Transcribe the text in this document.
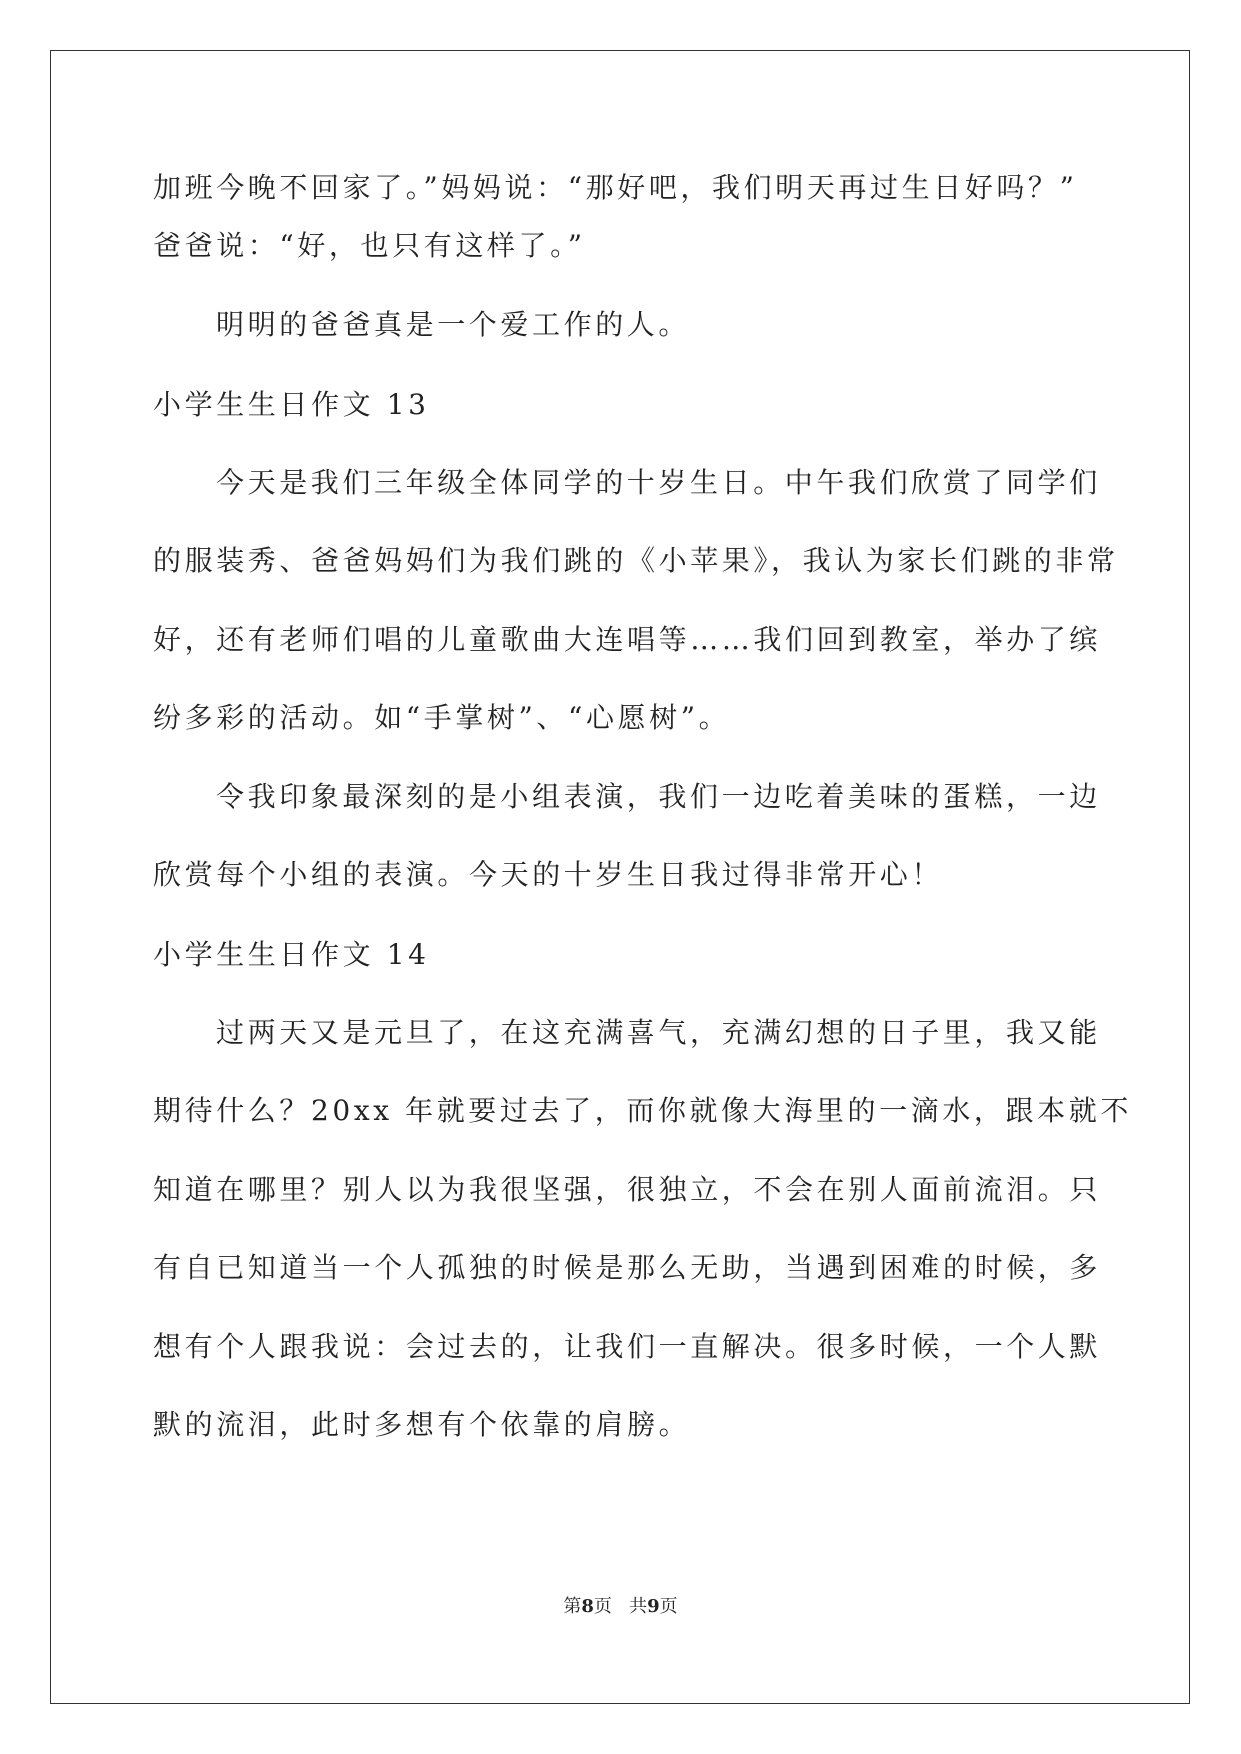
加班今晚不回家了。”妈妈说：“那好吧，我们明天再过生日好吗？”
爸爸说：“好，也只有这样了。”
明明的爸爸真是一个爱工作的人。
小学生生日作文 13
今天是我们三年级全体同学的十岁生日。中午我们欣赏了同学们
的服装秀、爸爸妈妈们为我们跳的《小苹果》，我认为家长们跳的非常
好，还有老师们唱的儿童歌曲大连唱等……我们回到教室，举办了缤
纷多彩的活动。如“手掌树”、“心愿树”。
令我印象最深刻的是小组表演，我们一边吃着美味的蛋糕，一边
欣赏每个小组的表演。今天的十岁生日我过得非常开心！
小学生生日作文 14
过两天又是元旦了，在这充满喜气，充满幻想的日子里，我又能
期待什么？20xx 年就要过去了，而你就像大海里的一滴水，跟本就不
知道在哪里？别人以为我很坚强，很独立，不会在别人面前流泪。只
有自已知道当一个人孤独的时候是那么无助，当遇到困难的时候，多
想有个人跟我说：会过去的，让我们一直解决。很多时候，一个人默
默的流泪，此时多想有个依靠的肩膀。
第8页   共9页
